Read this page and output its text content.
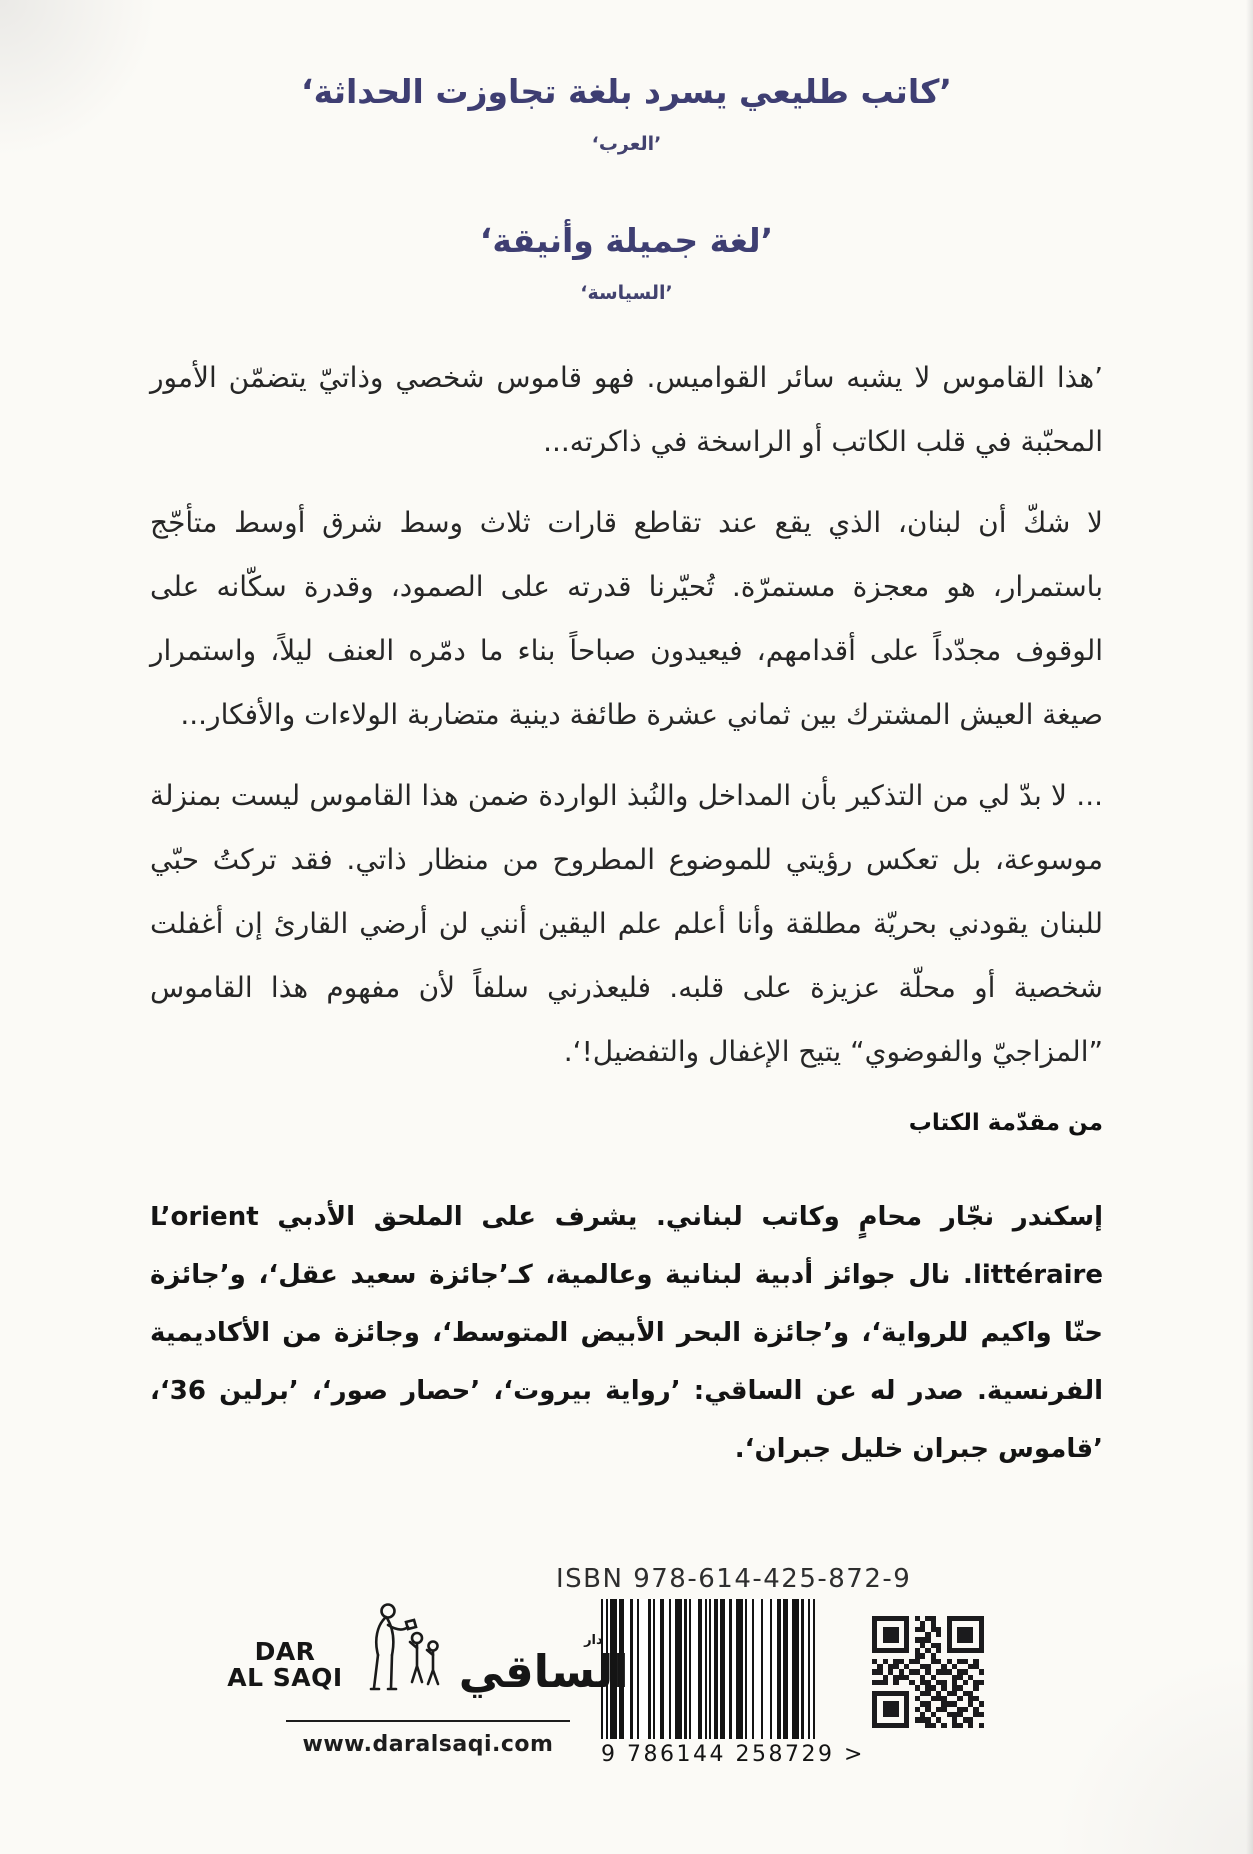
’كاتب طليعي يسرد بلغة تجاوزت الحداثة‘
’العرب‘
’لغة جميلة وأنيقة‘
’السياسة‘

’هذا القاموس لا يشبه سائر القواميس. فهو قاموس شخصي وذاتيّ يتضمّن الأمور المحبّبة في قلب الكاتب أو الراسخة في ذاكرته...

لا شكّ أن لبنان، الذي يقع عند تقاطع قارات ثلاث وسط شرق أوسط متأجّج باستمرار، هو معجزة مستمرّة. تُحيّرنا قدرته على الصمود، وقدرة سكّانه على الوقوف مجدّداً على أقدامهم، فيعيدون صباحاً بناء ما دمّره العنف ليلاً، واستمرار صيغة العيش المشترك بين ثماني عشرة طائفة دينية متضاربة الولاءات والأفكار...

... لا بدّ لي من التذكير بأن المداخل والنُبذ الواردة ضمن هذا القاموس ليست بمنزلة موسوعة، بل تعكس رؤيتي للموضوع المطروح من منظار ذاتي. فقد تركتُ حبّي للبنان يقودني بحريّة مطلقة وأنا أعلم علم اليقين أنني لن أرضي القارئ إن أغفلت شخصية أو محلّة عزيزة على قلبه. فليعذرني سلفاً لأن مفهوم هذا القاموس ”المزاجيّ والفوضوي“ يتيح الإغفال والتفضيل!‘.

من مقدّمة الكتاب
إسكندر نجّار محامٍ وكاتب لبناني. يشرف على الملحق الأدبي L’orient littéraire. نال جوائز أدبية لبنانية وعالمية، كـ’جائزة سعيد عقل‘، و’جائزة حنّا واكيم للرواية‘، و’جائزة البحر الأبيض المتوسط‘، وجائزة من الأكاديمية الفرنسية. صدر له عن الساقي: ’رواية بيروت‘، ’حصار صور‘، ’برلين 36‘، ’قاموس جبران خليل جبران‘.
ISBN 978-614-425-872-9
9 786144 258729 >
DAR
AL SAQI
دار
الساقي
www.daralsaqi.com
